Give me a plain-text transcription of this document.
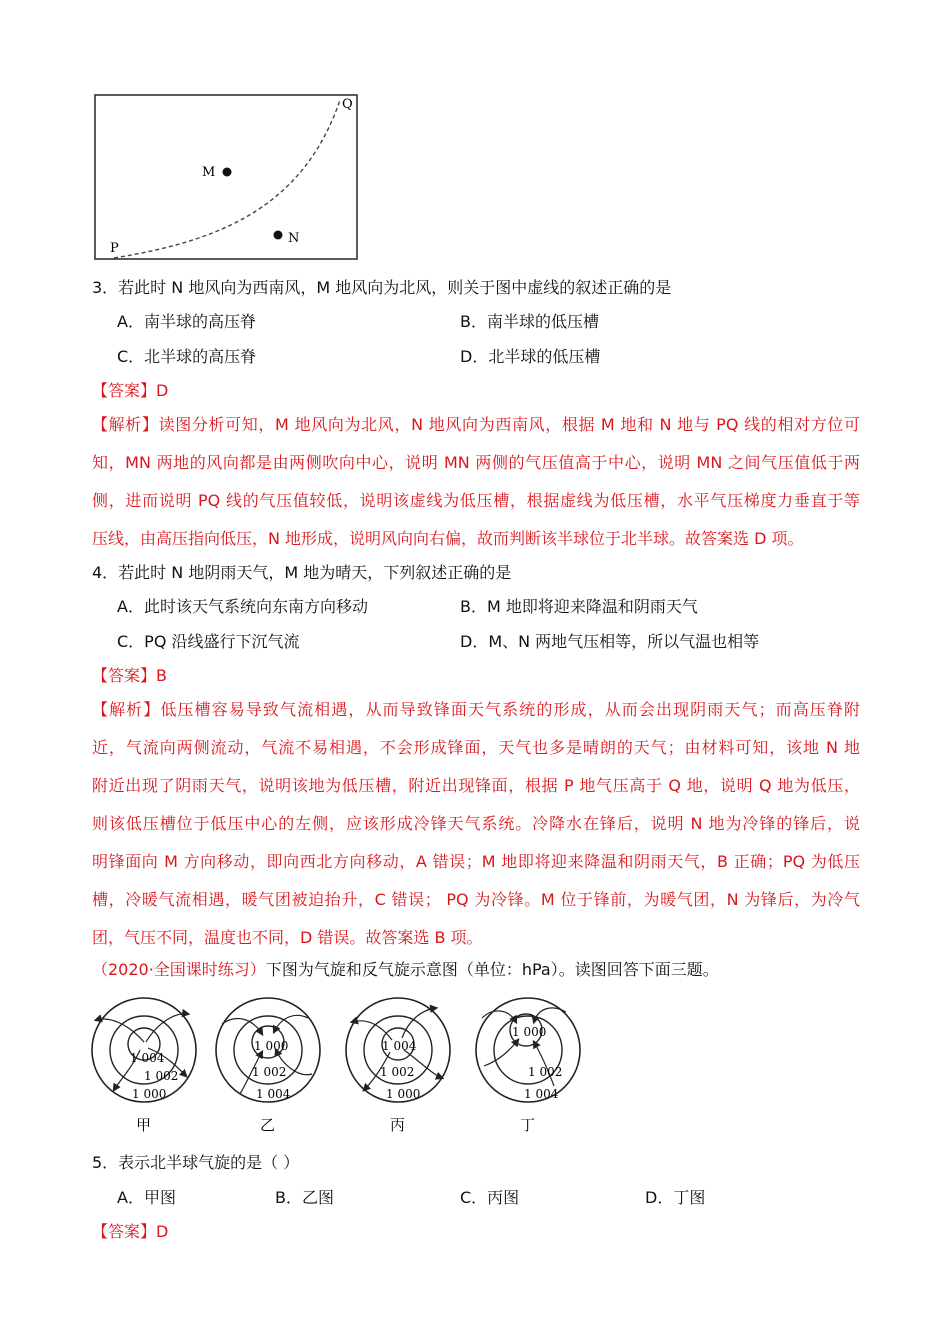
M
N
P
Q
3．若此时 N 地风向为西南风，M 地风向为北风，则关于图中虚线的叙述正确的是
A．南半球的高压脊	B．南半球的低压槽
C．北半球的高压脊	D．北半球的低压槽
【答案】D
【解析】读图分析可知，M 地风向为北风，N 地风向为西南风，根据 M 地和 N 地与 PQ 线的相对方位可
知，MN 两地的风向都是由两侧吹向中心，说明 MN 两侧的气压值高于中心，说明 MN 之间气压值低于两
侧，进而说明 PQ 线的气压值较低，说明该虚线为低压槽，根据虚线为低压槽，水平气压梯度力垂直于等
压线，由高压指向低压，N 地形成，说明风向向右偏，故而判断该半球位于北半球。故答案选 D 项。
4．若此时 N 地阴雨天气，M 地为晴天，下列叙述正确的是
A．此时该天气系统向东南方向移动	B．M 地即将迎来降温和阴雨天气
C．PQ 沿线盛行下沉气流	D．M、N 两地气压相等，所以气温也相等
【答案】B
【解析】低压槽容易导致气流相遇，从而导致锋面天气系统的形成，从而会出现阴雨天气；而高压脊附
近，气流向两侧流动，气流不易相遇，不会形成锋面，天气也多是晴朗的天气；由材料可知，该地 N 地
附近出现了阴雨天气，说明该地为低压槽，附近出现锋面，根据 P 地气压高于 Q 地，说明 Q 地为低压，
则该低压槽位于低压中心的左侧，应该形成冷锋天气系统。冷降水在锋后，说明 N 地为冷锋的锋后，说
明锋面向 M 方向移动，即向西北方向移动，A 错误；M 地即将迎来降温和阴雨天气，B 正确；PQ 为低压
槽，冷暖气流相遇，暖气团被迫抬升，C 错误； PQ 为冷锋。M 位于锋前，为暖气团，N 为锋后，为冷气
团，气压不同，温度也不同，D 错误。故答案选 B 项。
（2020·全国课时练习）下图为气旋和反气旋示意图（单位：hPa）。读图回答下面三题。
1 004
1 002
1 000
甲
1 000
1 002
1 004
乙
1 004
1 002
1 000
丙
1 000
1 002
1 004
丁
5．表示北半球气旋的是（ ）
A．甲图	B．乙图	C．丙图	D．丁图
【答案】D
